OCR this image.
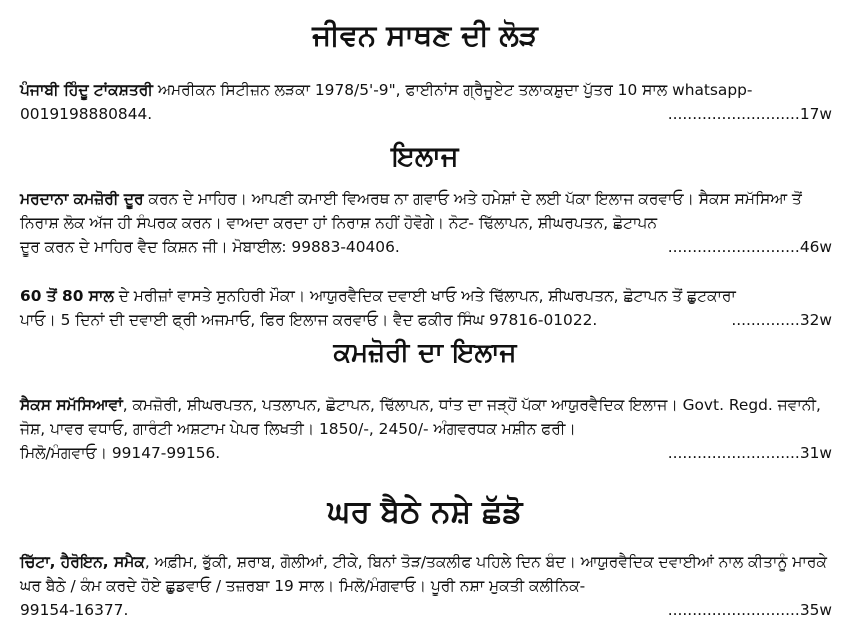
ਜੀਵਨ ਸਾਥਣ ਦੀ ਲੋੜ
ਪੰਜਾਬੀ ਹਿੰਦੂ ਟਾਂਕਸ਼ਤਰੀ ਅਮਰੀਕਨ ਸਿਟੀਜ਼ਨ ਲੜਕਾ 1978/5'-9", ਫਾਈਨਾਂਸ ਗ੍ਰੈਜੂਏਟ ਤਲਾਕਸ਼ੁਦਾ ਪੁੱਤਰ 10 ਸਾਲ whatsapp-
0019198880844.	...........................17w
ਇਲਾਜ
ਮਰਦਾਨਾ ਕਮਜ਼ੋਰੀ ਦੂਰ ਕਰਨ ਦੇ ਮਾਹਿਰ। ਆਪਣੀ ਕਮਾਈ ਵਿਅਰਥ ਨਾ ਗਵਾਓ ਅਤੇ ਹਮੇਸ਼ਾਂ ਦੇ ਲਈ ਪੱਕਾ ਇਲਾਜ ਕਰਵਾਓ। ਸੈਕਸ ਸਮੱਸਿਆ ਤੋਂ ਨਿਰਾਸ਼ ਲੋਕ ਅੱਜ ਹੀ ਸੰਪਰਕ ਕਰਨ। ਵਾਅਦਾ ਕਰਦਾ ਹਾਂ ਨਿਰਾਸ਼ ਨਹੀਂ ਹੋਵੋਗੇ। ਨੋਟ- ਢਿੱਲਾਪਨ, ਸ਼ੀਘਰਪਤਨ, ਛੋਟਾਪਨ
ਦੂਰ ਕਰਨ ਦੇ ਮਾਹਿਰ ਵੈਦ ਕਿਸ਼ਨ ਜੀ। ਮੋਬਾਈਲ: 99883-40406.	...........................46w
60 ਤੋਂ 80 ਸਾਲ ਦੇ ਮਰੀਜ਼ਾਂ ਵਾਸਤੇ ਸੁਨਹਿਰੀ ਮੌਕਾ। ਆਯੁਰਵੈਦਿਕ ਦਵਾਈ ਖਾਓ ਅਤੇ ਢਿੱਲਾਪਨ, ਸ਼ੀਘਰਪਤਨ, ਛੋਟਾਪਨ ਤੋਂ ਛੁਟਕਾਰਾ
ਪਾਓ। 5 ਦਿਨਾਂ ਦੀ ਦਵਾਈ ਫ੍ਰੀ ਅਜਮਾਓ, ਫਿਰ ਇਲਾਜ ਕਰਵਾਓ। ਵੈਦ ਫਕੀਰ ਸਿੰਘ 97816-01022.	..............32w
ਕਮਜ਼ੋਰੀ ਦਾ ਇਲਾਜ
ਸੈਕਸ ਸਮੱਸਿਆਵਾਂ, ਕਮਜ਼ੋਰੀ, ਸ਼ੀਘਰਪਤਨ, ਪਤਲਾਪਨ, ਛੋਟਾਪਨ, ਢਿੱਲਾਪਨ, ਧਾਂਤ ਦਾ ਜੜ੍ਹੋਂ ਪੱਕਾ ਆਯੁਰਵੈਦਿਕ ਇਲਾਜ। Govt. Regd. ਜਵਾਨੀ, ਜੋਸ਼, ਪਾਵਰ ਵਧਾਓ, ਗਾਰੰਟੀ ਅਸ਼ਟਾਮ ਪੇਪਰ ਲਿਖਤੀ। 1850/-, 2450/- ਅੰਗਵਰਧਕ ਮਸ਼ੀਨ ਫਰੀ।
ਮਿਲੋ/ਮੰਗਵਾਓ। 99147-99156.	...........................31w
ਘਰ ਬੈਠੇ ਨਸ਼ੇ ਛੱਡੋ
ਚਿੱਟਾ, ਹੈਰੋਇਨ, ਸਮੈਕ, ਅਫ਼ੀਮ, ਭੁੱਕੀ, ਸ਼ਰਾਬ, ਗੋਲੀਆਂ, ਟੀਕੇ, ਬਿਨਾਂ ਤੋੜ/ਤਕਲੀਫ ਪਹਿਲੇ ਦਿਨ ਬੰਦ। ਆਯੁਰਵੈਦਿਕ ਦਵਾਈਆਂ ਨਾਲ ਕੀਤਾਨੂੰ ਮਾਰਕੇ ਘਰ ਬੈਠੇ / ਕੰਮ ਕਰਦੇ ਹੋਏ ਛੁਡਵਾਓ / ਤਜ਼ਰਬਾ 19 ਸਾਲ। ਮਿਲੋ/ਮੰਗਵਾਓ। ਪੂਰੀ ਨਸ਼ਾ ਮੁਕਤੀ ਕਲੀਨਿਕ-
99154-16377.	...........................35w
